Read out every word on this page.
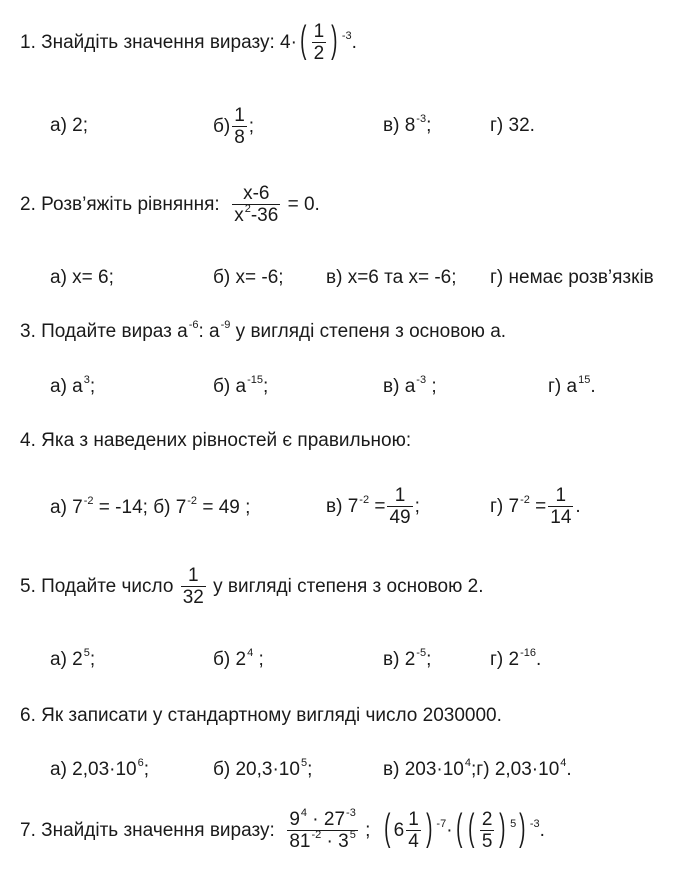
1. Знайдіть значення виразу: $4\cdot( \frac{1}{2}$ ) $^{-3}$.
а) 2;	$б) \frac{1}{8}$ ;	в) $8^{-3}$;	г) 32.
2. Розв’яжіть рівняння: $\frac{x-6}{x^2-36} = 0$.
а) x= 6;	б) x= -6; в) x=6 та x= -6; г) немає розв’язків
3. Подайте вираз $a^{-6}$: $a^{-9}$ у вигляді степеня з основою a.
а) $a^3$;	б) $a^{-15}$;	в) $a^{-3}$ ;	г) $a^{15}$.
4. Яка з наведених рівностей є правильною:
а) $7^{-2} = -14$; б) $7^{-2} = 49$ ;	в) $7^{-2} = \frac{1}{49}$ ;	г) $7^{-2} = \frac{1}{14}$ .
5. Подайте число $\frac{1}{32}$ у вигляді степеня з основою 2.
а) $2^5$;	б) $2^4$ ;	в) $2^{-5}$;	г) $2^{-16}$.
6. Як записати у стандартному вигляді число 2030000.
а) $2,03\cdot 10^6$;	б) $20,3\cdot 10^5$;	в) $203\cdot 10^4;г$) $2,03\cdot 10^4$.
7. Знайдіть значення виразу: $\frac{9^4 \cdot 27^{-3}}{81^{-2} \cdot 3^5}$ ; ( $6 \frac{1}{4}$ ) $^{-7}$·( ( $\frac{2}{5}$ ) $^5$) $^{-3}$.
